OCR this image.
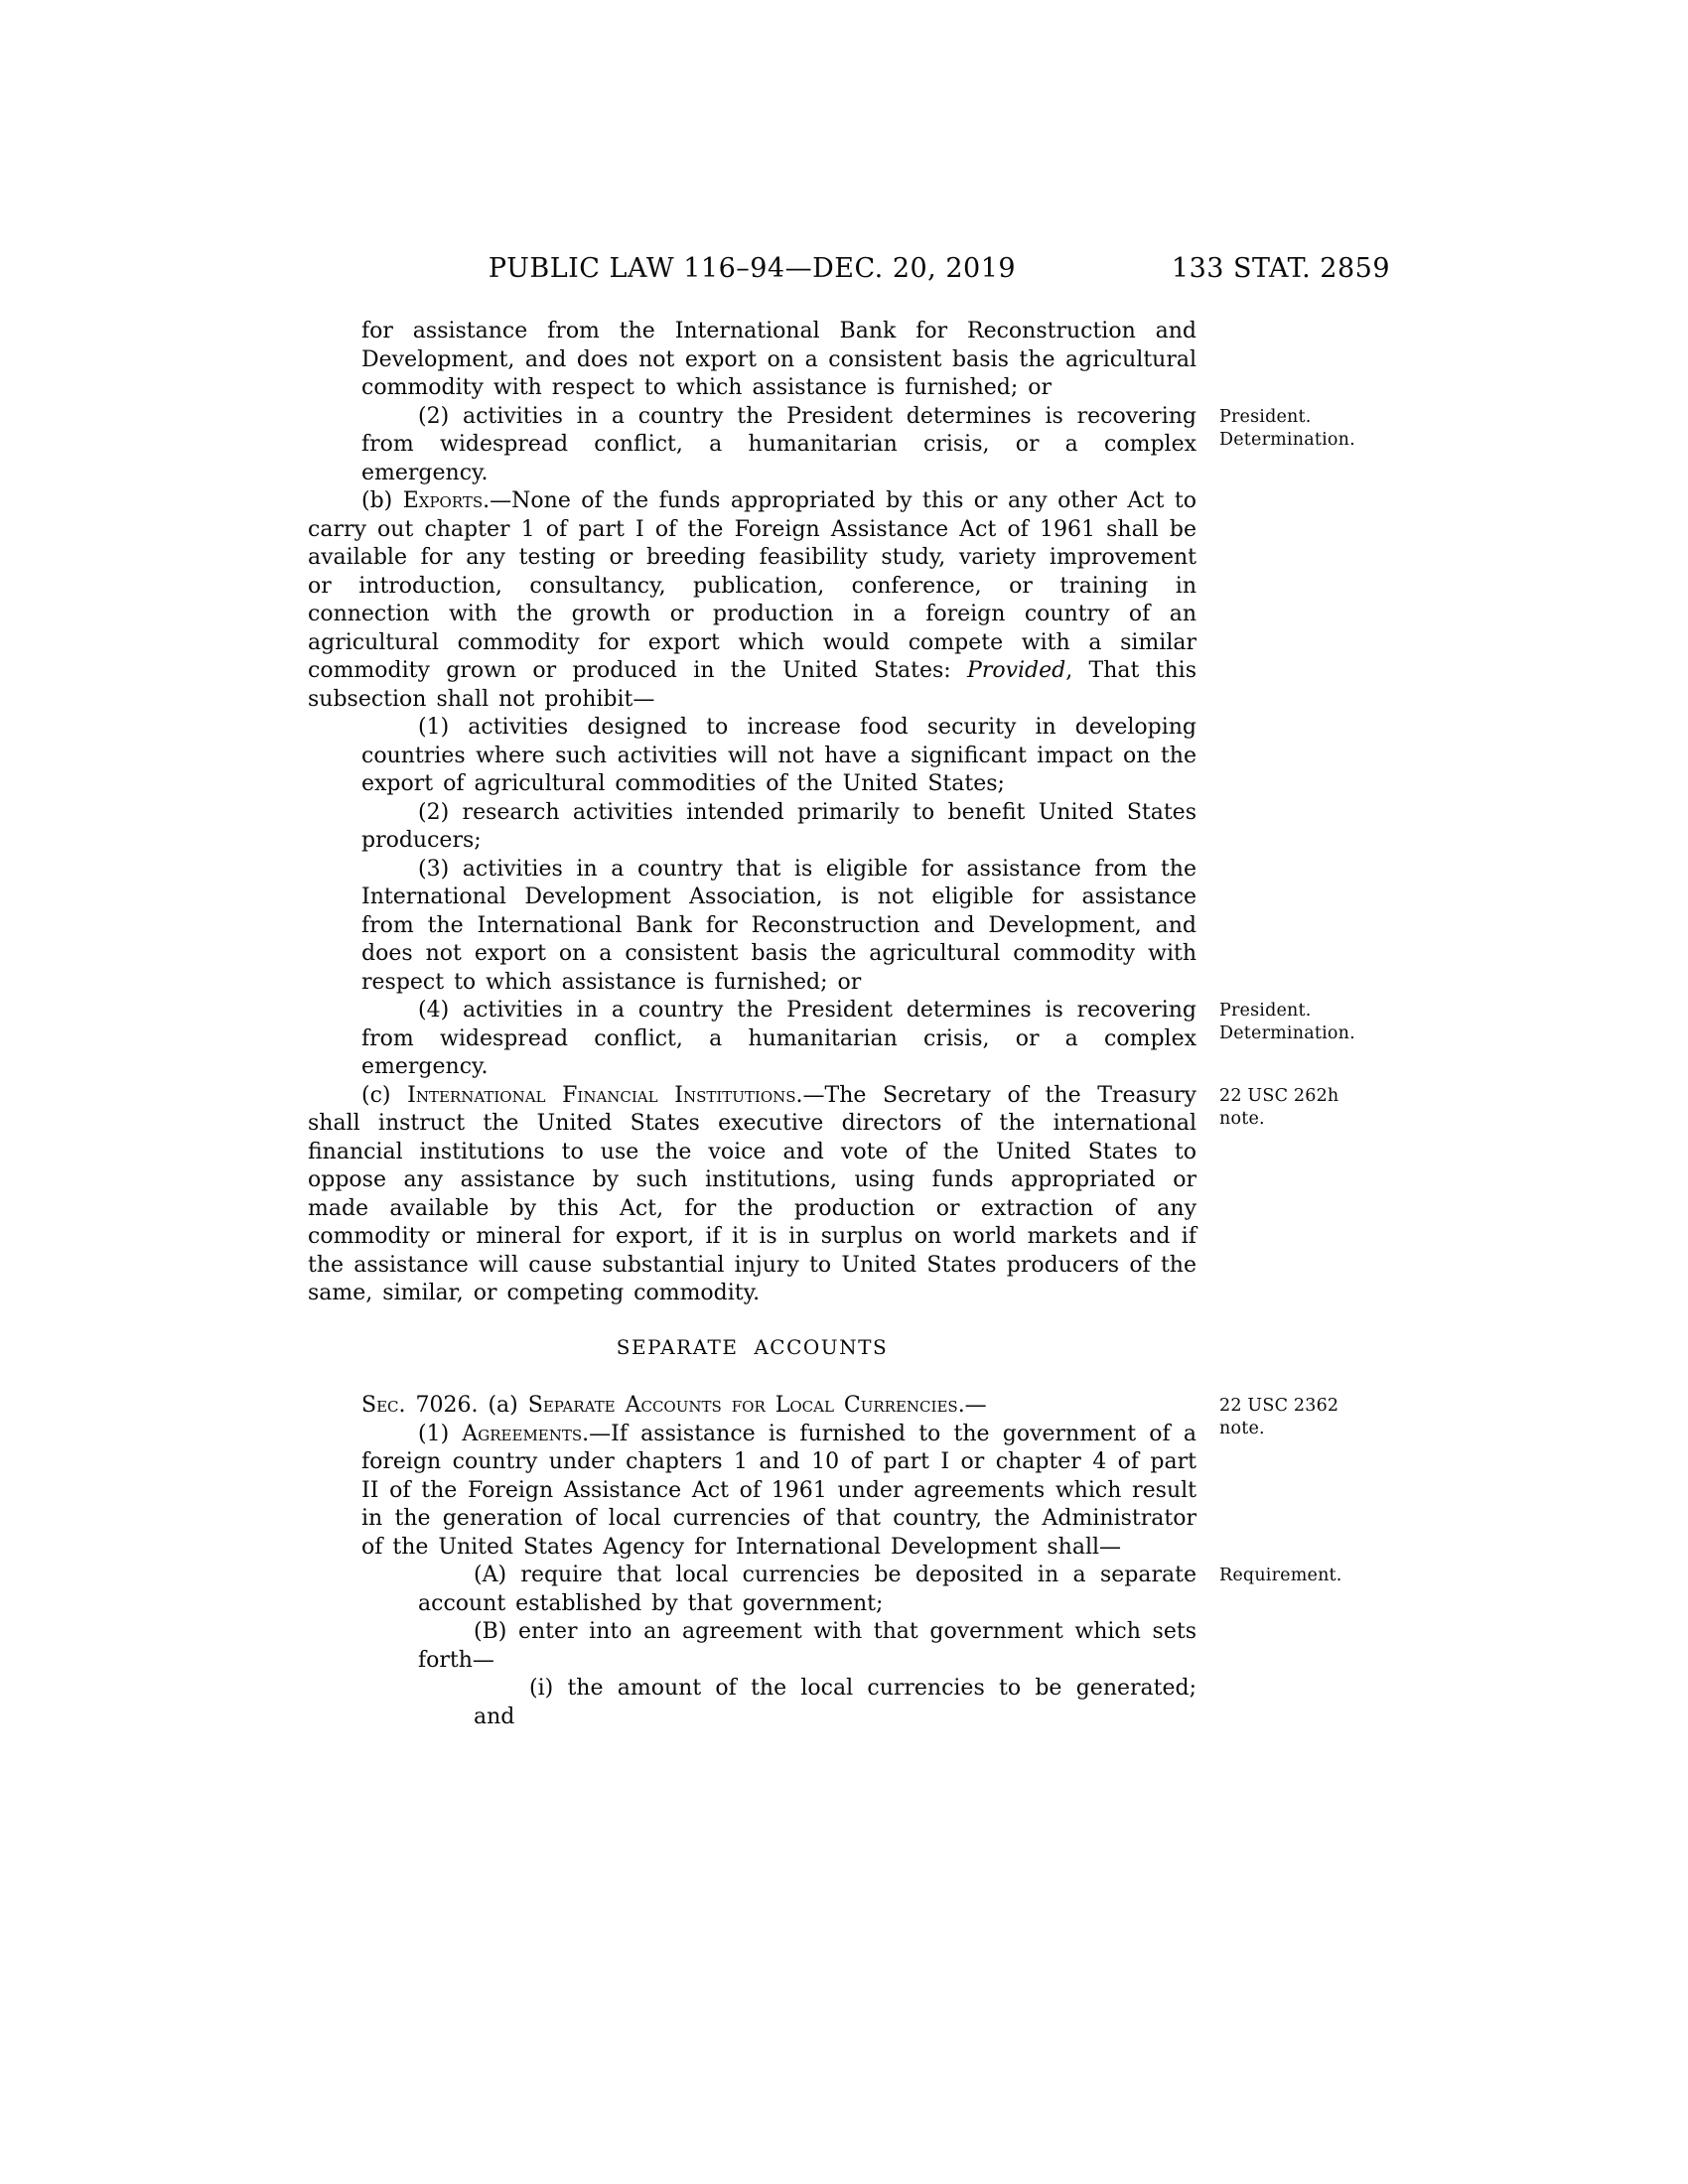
PUBLIC LAW 116–94—DEC. 20, 2019	133 STAT. 2859

for assistance from the International Bank for Reconstruction and Development, and does not export on a consistent basis the agricultural commodity with respect to which assistance is furnished; or

(2) activities in a country the President determines is recovering from widespread conflict, a humanitarian crisis, or a complex emergency.

(b) Exports.—None of the funds appropriated by this or any other Act to carry out chapter 1 of part I of the Foreign Assistance Act of 1961 shall be available for any testing or breeding feasibility study, variety improvement or introduction, consultancy, publication, conference, or training in connection with the growth or production in a foreign country of an agricultural commodity for export which would compete with a similar commodity grown or produced in the United States: Provided, That this subsection shall not prohibit—

(1) activities designed to increase food security in developing countries where such activities will not have a significant impact on the export of agricultural commodities of the United States;

(2) research activities intended primarily to benefit United States producers;

(3) activities in a country that is eligible for assistance from the International Development Association, is not eligible for assistance from the International Bank for Reconstruction and Development, and does not export on a consistent basis the agricultural commodity with respect to which assistance is furnished; or

(4) activities in a country the President determines is recovering from widespread conflict, a humanitarian crisis, or a complex emergency.

(c) International Financial Institutions.—The Secretary of the Treasury shall instruct the United States executive directors of the international financial institutions to use the voice and vote of the United States to oppose any assistance by such institutions, using funds appropriated or made available by this Act, for the production or extraction of any commodity or mineral for export, if it is in surplus on world markets and if the assistance will cause substantial injury to United States producers of the same, similar, or competing commodity.

SEPARATE ACCOUNTS

Sec. 7026. (a) Separate Accounts for Local Currencies.—

(1) Agreements.—If assistance is furnished to the government of a foreign country under chapters 1 and 10 of part I or chapter 4 of part II of the Foreign Assistance Act of 1961 under agreements which result in the generation of local currencies of that country, the Administrator of the United States Agency for International Development shall—

(A) require that local currencies be deposited in a separate account established by that government;

(B) enter into an agreement with that government which sets forth—

(i) the amount of the local currencies to be generated; and

President.
Determination.
President.
Determination.
22 USC 262h
note.
22 USC 2362
note.
Requirement.
